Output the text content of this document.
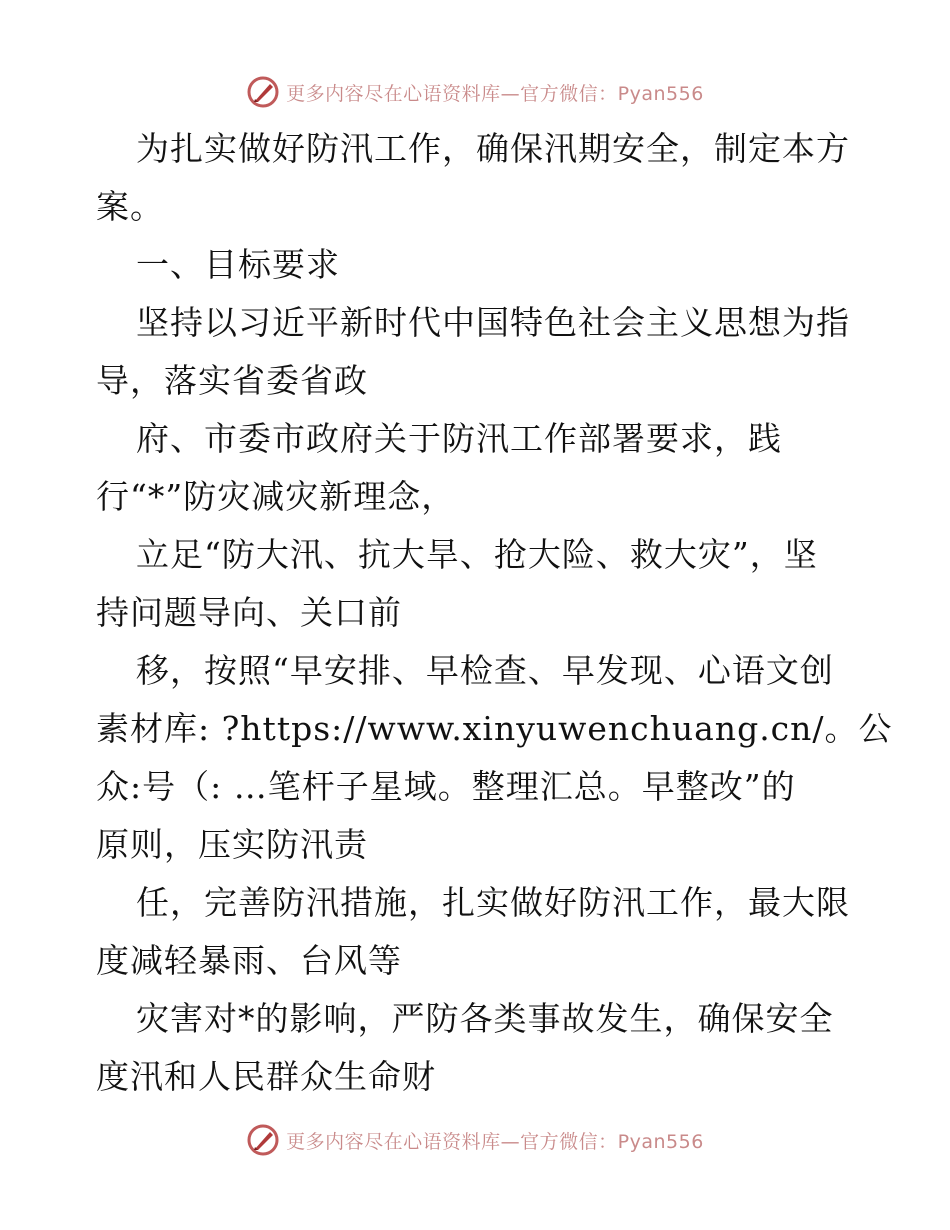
更多内容尽在心语资料库—官方微信：Pyan556
为扎实做好防汛工作，确保汛期安全，制定本方
案。
一、目标要求
坚持以习近平新时代中国特色社会主义思想为指
导，落实省委省政
府、市委市政府关于防汛工作部署要求，践
行“*”防灾减灾新理念，
立足“防大汛、抗大旱、抢大险、救大灾”，坚
持问题导向、关口前
移，按照“早安排、早检查、早发现、心语文创
素材库: ?https://www.xinyuwenchuang.cn/。公
众:号（: …笔杆子星域。整理汇总。早整改”的
原则，压实防汛责
任，完善防汛措施，扎实做好防汛工作，最大限
度减轻暴雨、台风等
灾害对*的影响，严防各类事故发生，确保安全
度汛和人民群众生命财
更多内容尽在心语资料库—官方微信：Pyan556
